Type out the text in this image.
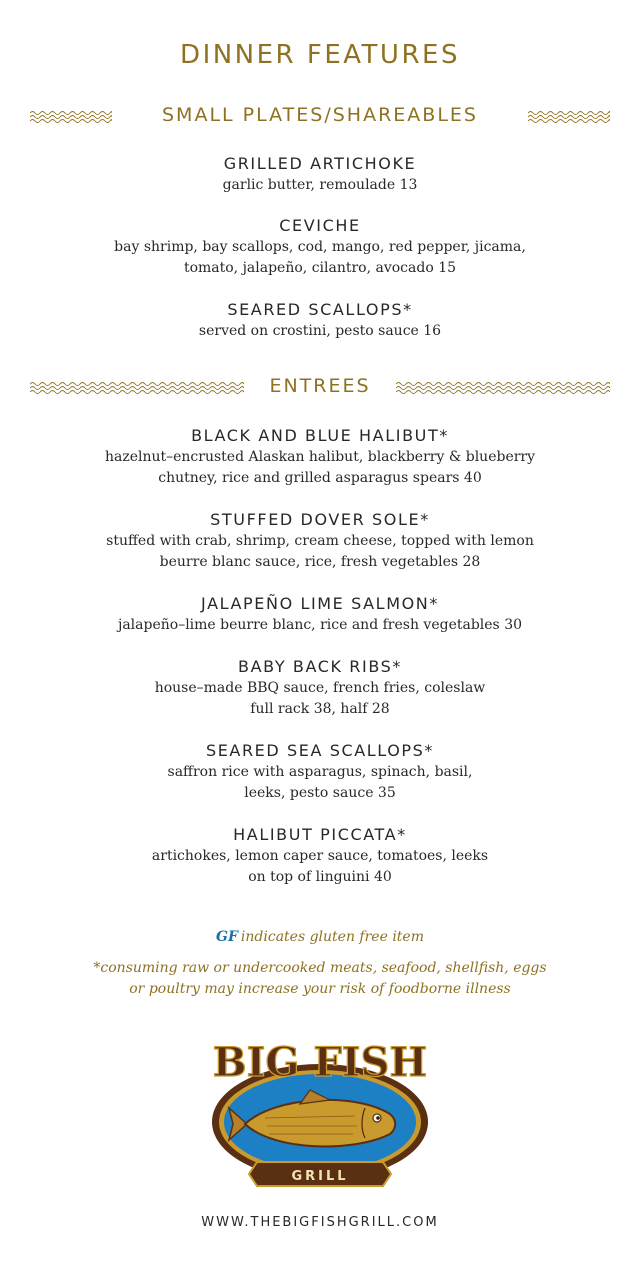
DINNER FEATURES
SMALL PLATES/SHAREABLES
GRILLED ARTICHOKE
garlic butter, remoulade 13
CEVICHE
bay shrimp, bay scallops, cod, mango, red pepper, jicama,
tomato, jalapeño, cilantro, avocado 15
SEARED SCALLOPS*
served on crostini, pesto sauce 16
ENTREES
BLACK AND BLUE HALIBUT*
hazelnut–encrusted Alaskan halibut, blackberry & blueberry
chutney, rice and grilled asparagus spears 40
STUFFED DOVER SOLE*
stuffed with crab, shrimp, cream cheese, topped with lemon
beurre blanc sauce, rice, fresh vegetables 28
JALAPEÑO LIME SALMON*
jalapeño–lime beurre blanc, rice and fresh vegetables 30
BABY BACK RIBS*
house–made BBQ sauce, french fries, coleslaw
full rack 38, half 28
SEARED SEA SCALLOPS*
saffron rice with asparagus, spinach, basil,
leeks, pesto sauce 35
HALIBUT PICCATA*
artichokes, lemon caper sauce, tomatoes, leeks
on top of linguini 40
GF indicates gluten free item
*consuming raw or undercooked meats, seafood, shellfish, eggs
or poultry may increase your risk of foodborne illness
BIG FISH
GRILL
WWW.THEBIGFISHGRILL.COM
